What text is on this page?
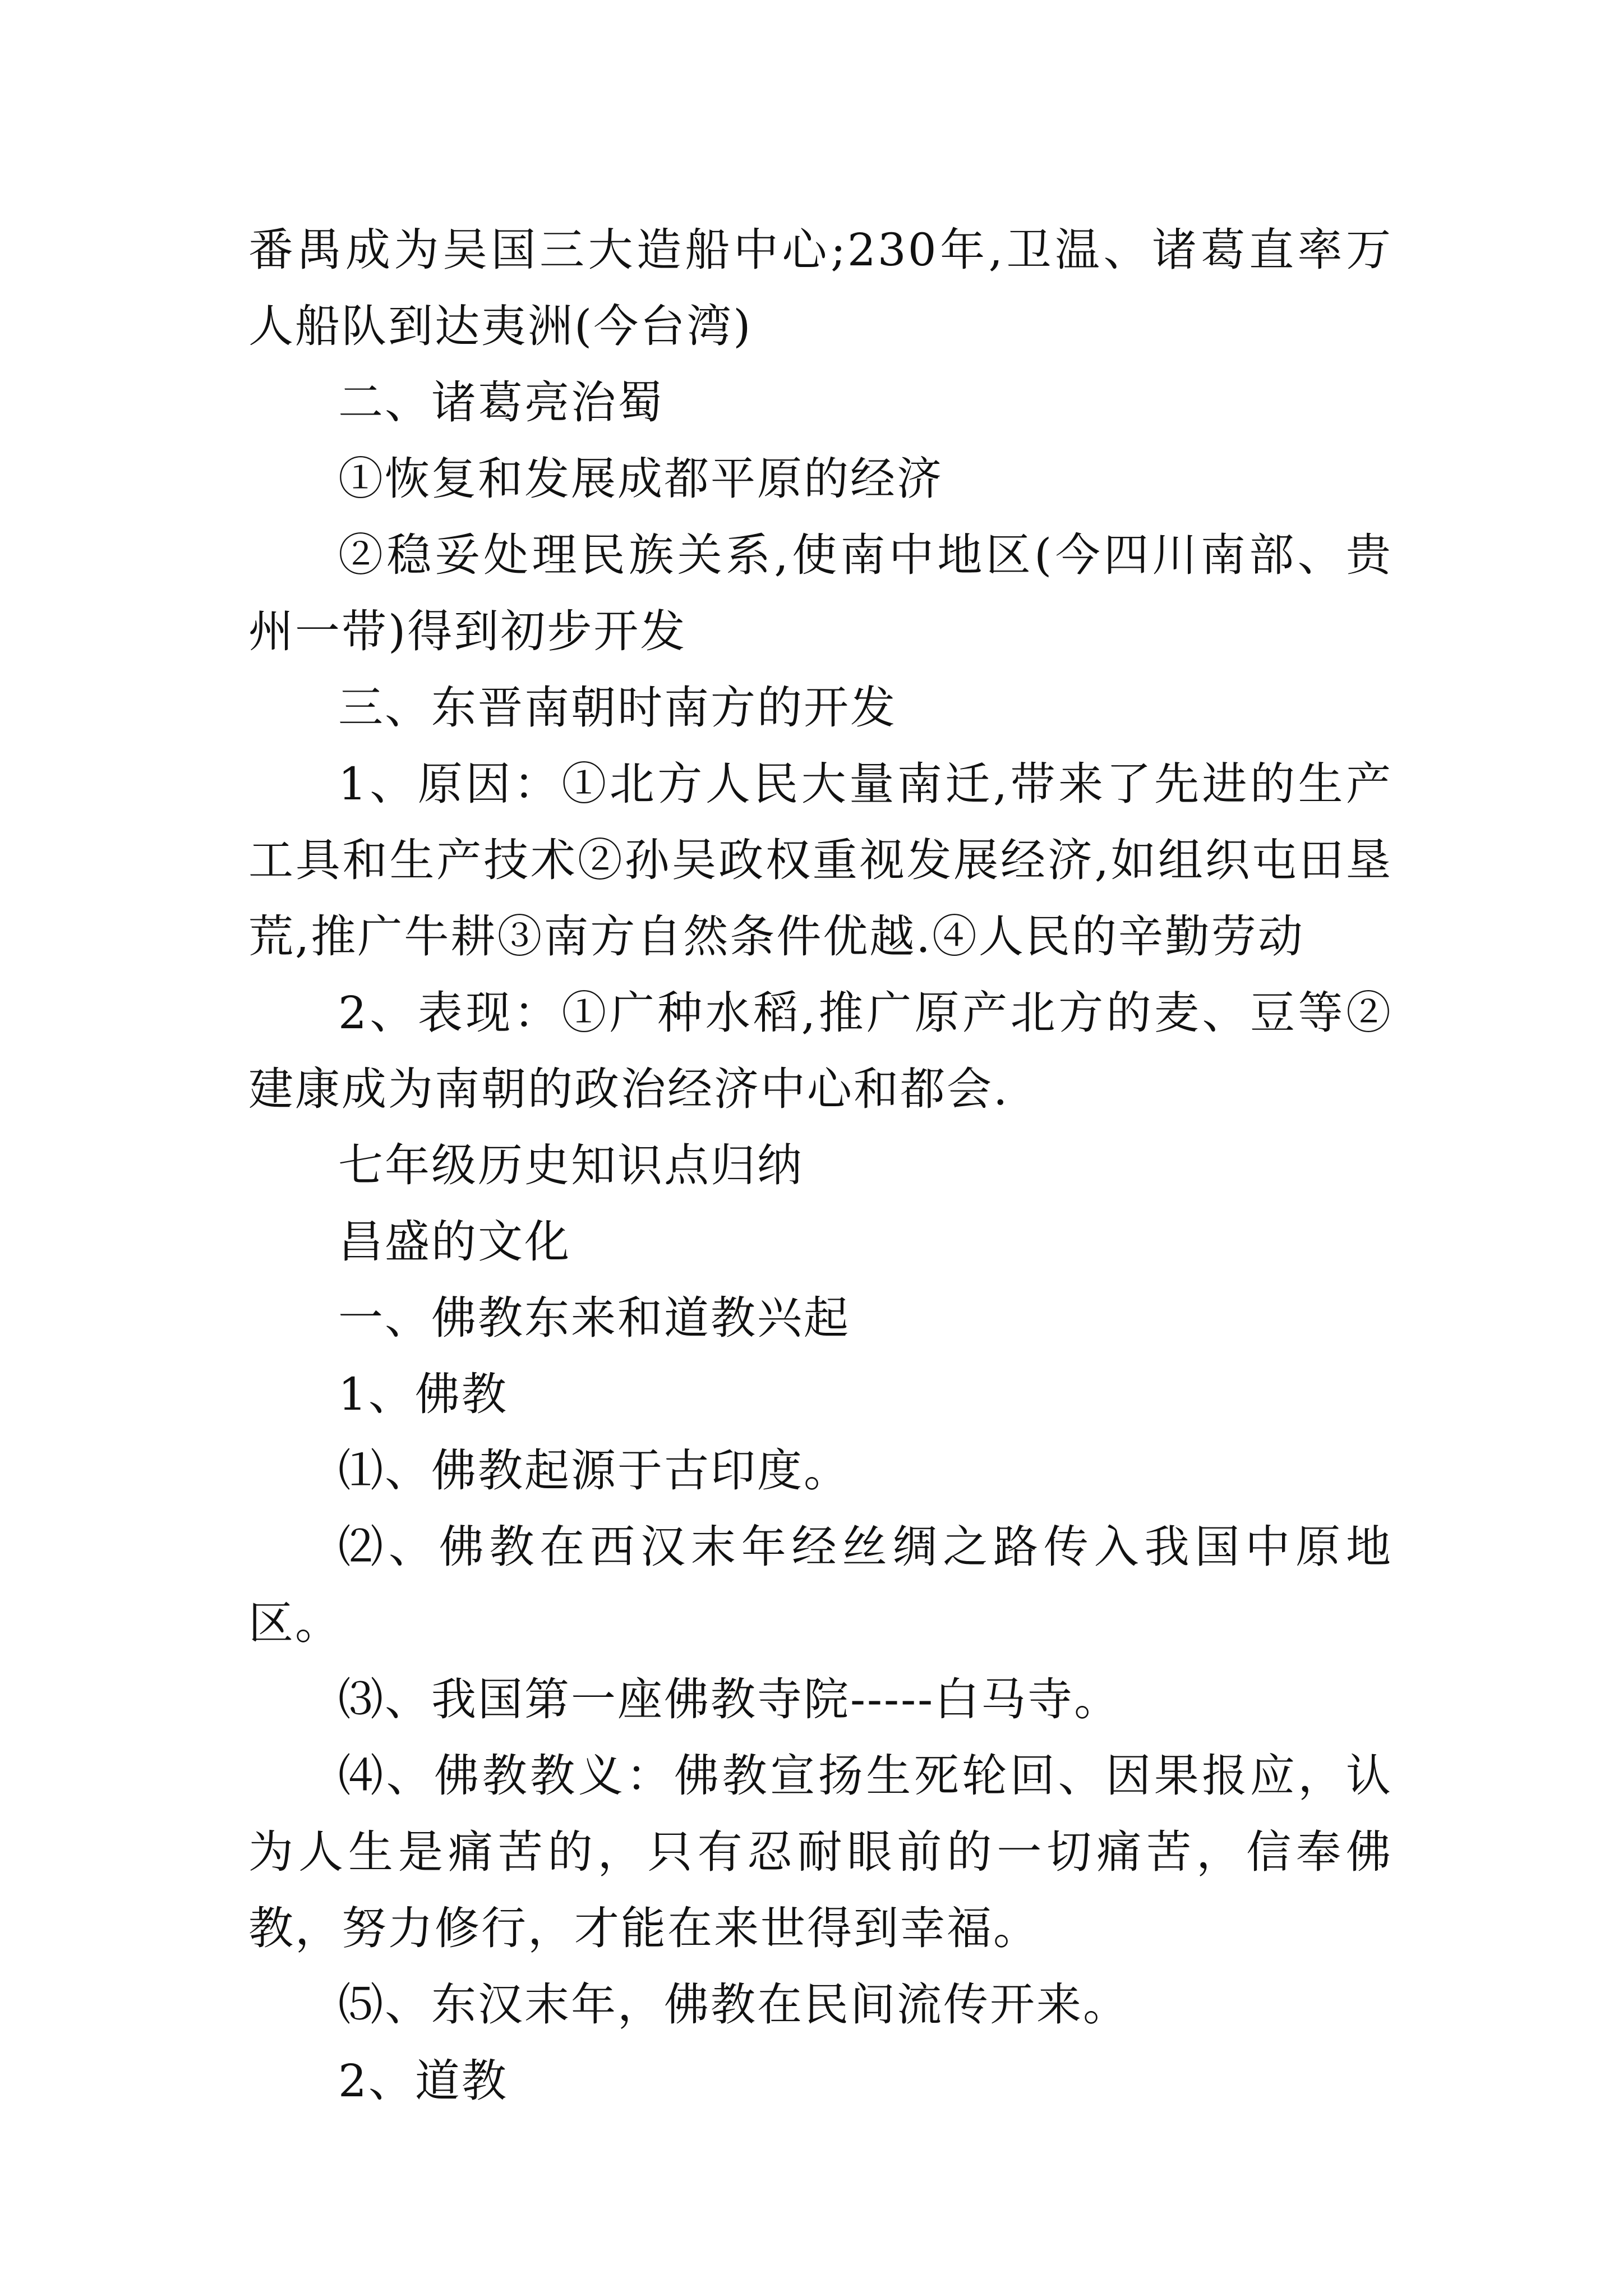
番禺成为吴国三大造船中心;230年,卫温、诸葛直率万人船队到达夷洲(今台湾)

二、诸葛亮治蜀

①恢复和发展成都平原的经济

②稳妥处理民族关系,使南中地区(今四川南部、贵州一带)得到初步开发

三、东晋南朝时南方的开发

1、原因：①北方人民大量南迁,带来了先进的生产工具和生产技术②孙吴政权重视发展经济,如组织屯田垦荒,推广牛耕③南方自然条件优越.④人民的辛勤劳动

2、表现：①广种水稻,推广原产北方的麦、豆等②建康成为南朝的政治经济中心和都会.

七年级历史知识点归纳

昌盛的文化

一、佛教东来和道教兴起

1、佛教

⑴、佛教起源于古印度。

⑵、佛教在西汉末年经丝绸之路传入我国中原地区。

⑶、我国第一座佛教寺院-----白马寺。

⑷、佛教教义：佛教宣扬生死轮回、因果报应，认为人生是痛苦的，只有忍耐眼前的一切痛苦，信奉佛教，努力修行，才能在来世得到幸福。

⑸、东汉末年，佛教在民间流传开来。

2、道教
